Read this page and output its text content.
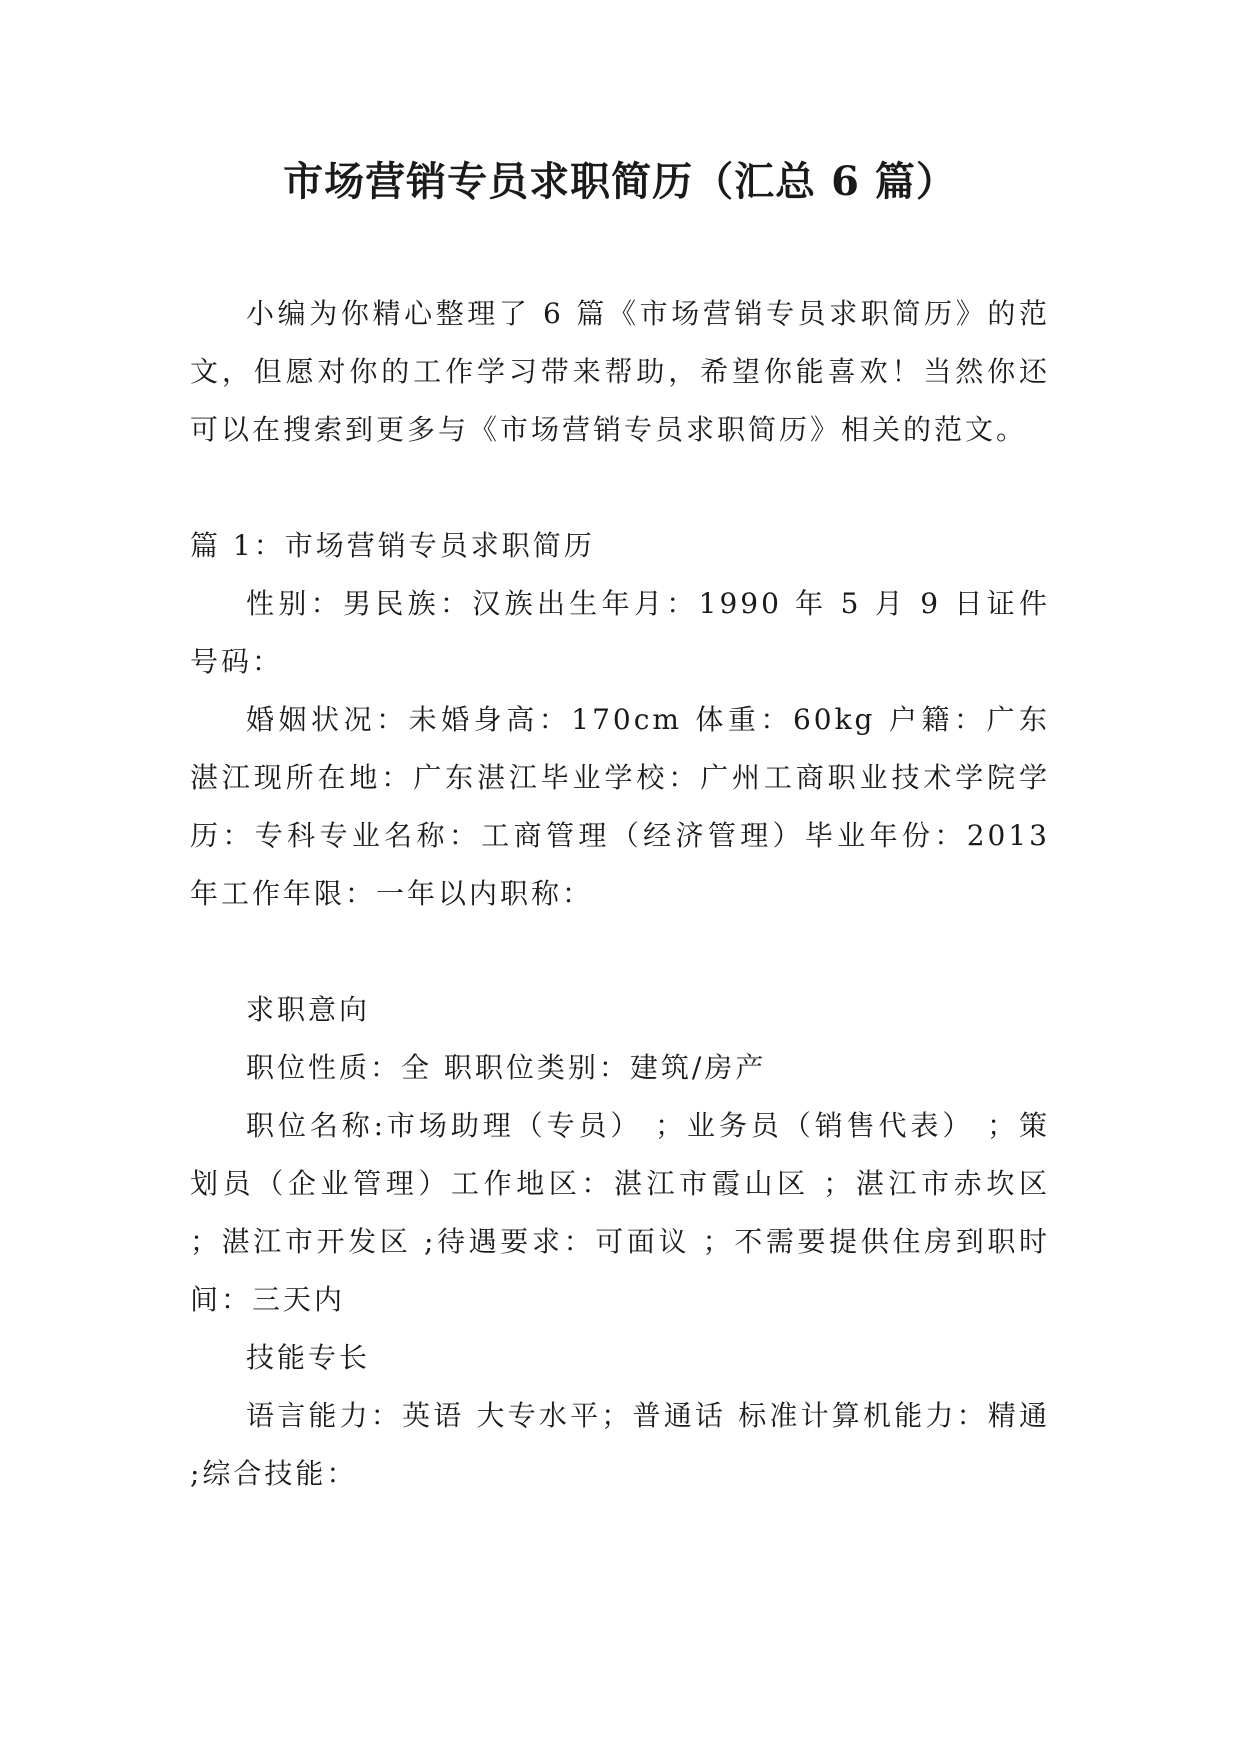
市场营销专员求职简历（汇总 6 篇）

小编为你精心整理了 6 篇《市场营销专员求职简历》的范文，但愿对你的工作学习带来帮助，希望你能喜欢！当然你还可以在搜索到更多与《市场营销专员求职简历》相关的范文。

篇 1：市场营销专员求职简历

性别：男民族：汉族出生年月：1990 年 5 月 9 日证件号码：

婚姻状况：未婚身高：170cm 体重：60kg 户籍：广东湛江现所在地：广东湛江毕业学校：广州工商职业技术学院学历：专科专业名称：工商管理（经济管理）毕业年份：2013 年工作年限：一年以内职称：

求职意向

职位性质：全 职职位类别：建筑/房产

职位名称:市场助理（专员） ；业务员（销售代表） ；策划员（企业管理）工作地区：湛江市霞山区 ；湛江市赤坎区 ；湛江市开发区 ;待遇要求：可面议 ；不需要提供住房到职时间：三天内

技能专长

语言能力：英语 大专水平；普通话 标准计算机能力：精通 ;综合技能：
